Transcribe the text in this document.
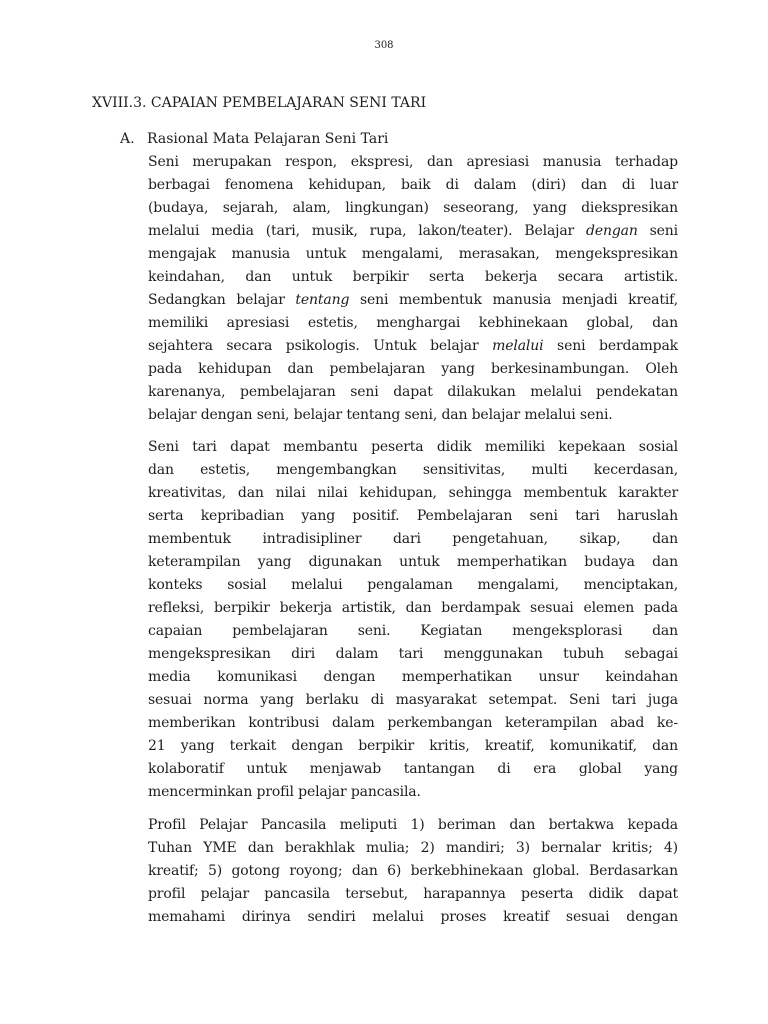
308
XVIII.3. CAPAIAN PEMBELAJARAN SENI TARI
A. Rasional Mata Pelajaran Seni Tari
Seni merupakan respon, ekspresi, dan apresiasi manusia terhadap
berbagai fenomena kehidupan, baik di dalam (diri) dan di luar
(budaya, sejarah, alam, lingkungan) seseorang, yang diekspresikan
melalui media (tari, musik, rupa, lakon/teater). Belajar dengan seni
mengajak manusia untuk mengalami, merasakan, mengekspresikan
keindahan, dan untuk berpikir serta bekerja secara artistik.
Sedangkan belajar tentang seni membentuk manusia menjadi kreatif,
memiliki apresiasi estetis, menghargai kebhinekaan global, dan
sejahtera secara psikologis. Untuk belajar melalui seni berdampak
pada kehidupan dan pembelajaran yang berkesinambungan. Oleh
karenanya, pembelajaran seni dapat dilakukan melalui pendekatan
belajar dengan seni, belajar tentang seni, dan belajar melalui seni.
Seni tari dapat membantu peserta didik memiliki kepekaan sosial
dan estetis, mengembangkan sensitivitas, multi kecerdasan,
kreativitas, dan nilai nilai kehidupan, sehingga membentuk karakter
serta kepribadian yang positif. Pembelajaran seni tari haruslah
membentuk intradisipliner dari pengetahuan, sikap, dan
keterampilan yang digunakan untuk memperhatikan budaya dan
konteks sosial melalui pengalaman mengalami, menciptakan,
refleksi, berpikir bekerja artistik, dan berdampak sesuai elemen pada
capaian pembelajaran seni. Kegiatan mengeksplorasi dan
mengekspresikan diri dalam tari menggunakan tubuh sebagai
media komunikasi dengan memperhatikan unsur keindahan
sesuai norma yang berlaku di masyarakat setempat. Seni tari juga
memberikan kontribusi dalam perkembangan keterampilan abad ke-
21 yang terkait dengan berpikir kritis, kreatif, komunikatif, dan
kolaboratif untuk menjawab tantangan di era global yang
mencerminkan profil pelajar pancasila.
Profil Pelajar Pancasila meliputi 1) beriman dan bertakwa kepada
Tuhan YME dan berakhlak mulia; 2) mandiri; 3) bernalar kritis; 4)
kreatif; 5) gotong royong; dan 6) berkebhinekaan global. Berdasarkan
profil pelajar pancasila tersebut, harapannya peserta didik dapat
memahami dirinya sendiri melalui proses kreatif sesuai dengan
